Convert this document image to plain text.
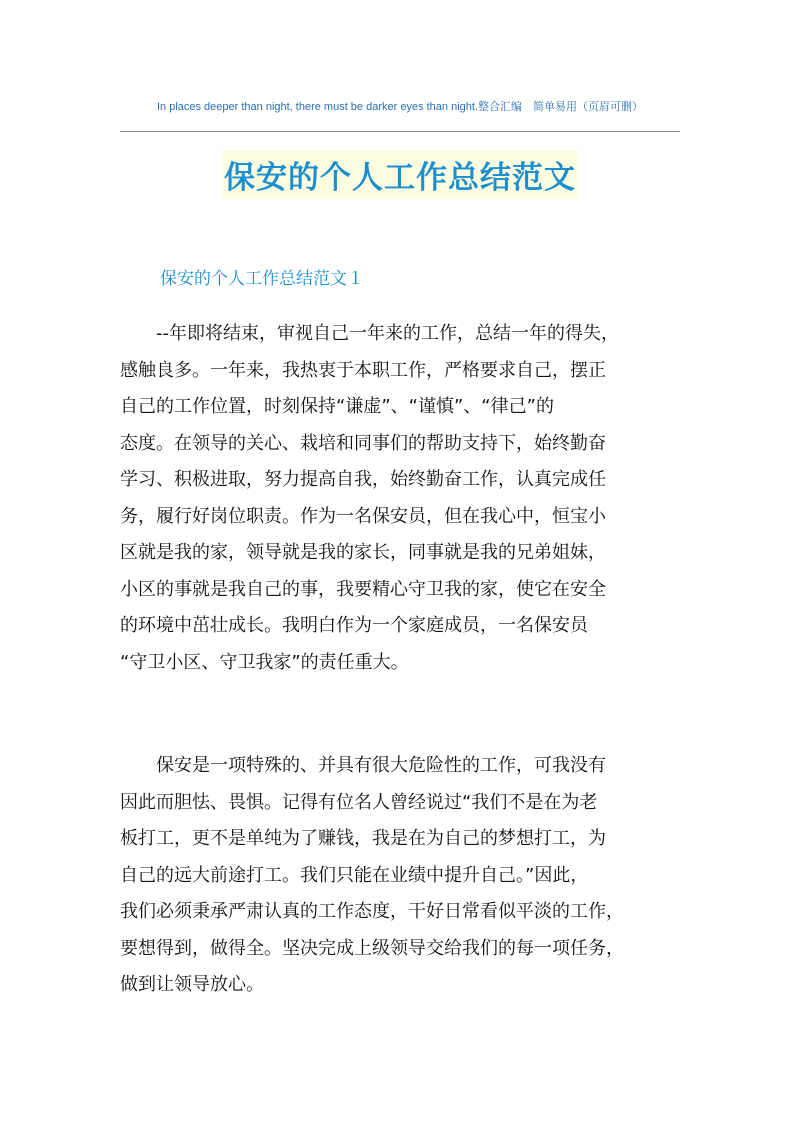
In places deeper than night, there must be darker eyes than night.整合汇编　简单易用（页眉可删）
保安的个人工作总结范文
保安的个人工作总结范文１
　　--年即将结束，审视自己一年来的工作，总结一年的得失，
感触良多。一年来，我热衷于本职工作，严格要求自己，摆正
自己的工作位置，时刻保持“谦虚”、“谨慎”、“律己”的
态度。在领导的关心、栽培和同事们的帮助支持下，始终勤奋
学习、积极进取，努力提高自我，始终勤奋工作，认真完成任
务，履行好岗位职责。作为一名保安员，但在我心中，恒宝小
区就是我的家，领导就是我的家长，同事就是我的兄弟姐妹，
小区的事就是我自己的事，我要精心守卫我的家，使它在安全
的环境中茁壮成长。我明白作为一个家庭成员，一名保安员
“守卫小区、守卫我家”的责任重大。
　　保安是一项特殊的、并具有很大危险性的工作，可我没有
因此而胆怯、畏惧。记得有位名人曾经说过“我们不是在为老
板打工，更不是单纯为了赚钱，我是在为自己的梦想打工，为
自己的远大前途打工。我们只能在业绩中提升自己。”因此，
我们必须秉承严肃认真的工作态度，干好日常看似平淡的工作，
要想得到，做得全。坚决完成上级领导交给我们的每一项任务，
做到让领导放心。
